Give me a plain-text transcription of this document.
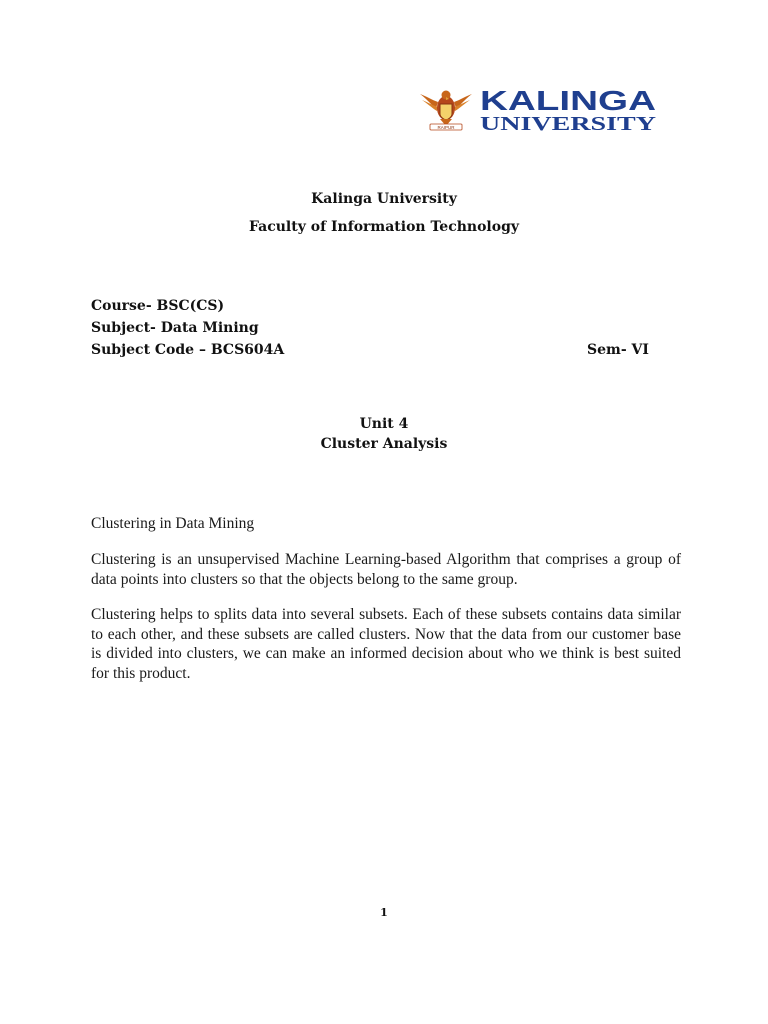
RAIPUR
KALINGA
UNIVERSITY
Kalinga University
Faculty of Information Technology
Course- BSC(CS)
Subject- Data Mining
Subject Code – BCS604A	Sem- VI
Unit 4
Cluster Analysis
Clustering in Data Mining
Clustering is an unsupervised Machine Learning-based Algorithm that comprises a group of data points into clusters so that the objects belong to the same group.
Clustering helps to splits data into several subsets. Each of these subsets contains data similar to each other, and these subsets are called clusters. Now that the data from our customer base is divided into clusters, we can make an informed decision about who we think is best suited for this product.
1
